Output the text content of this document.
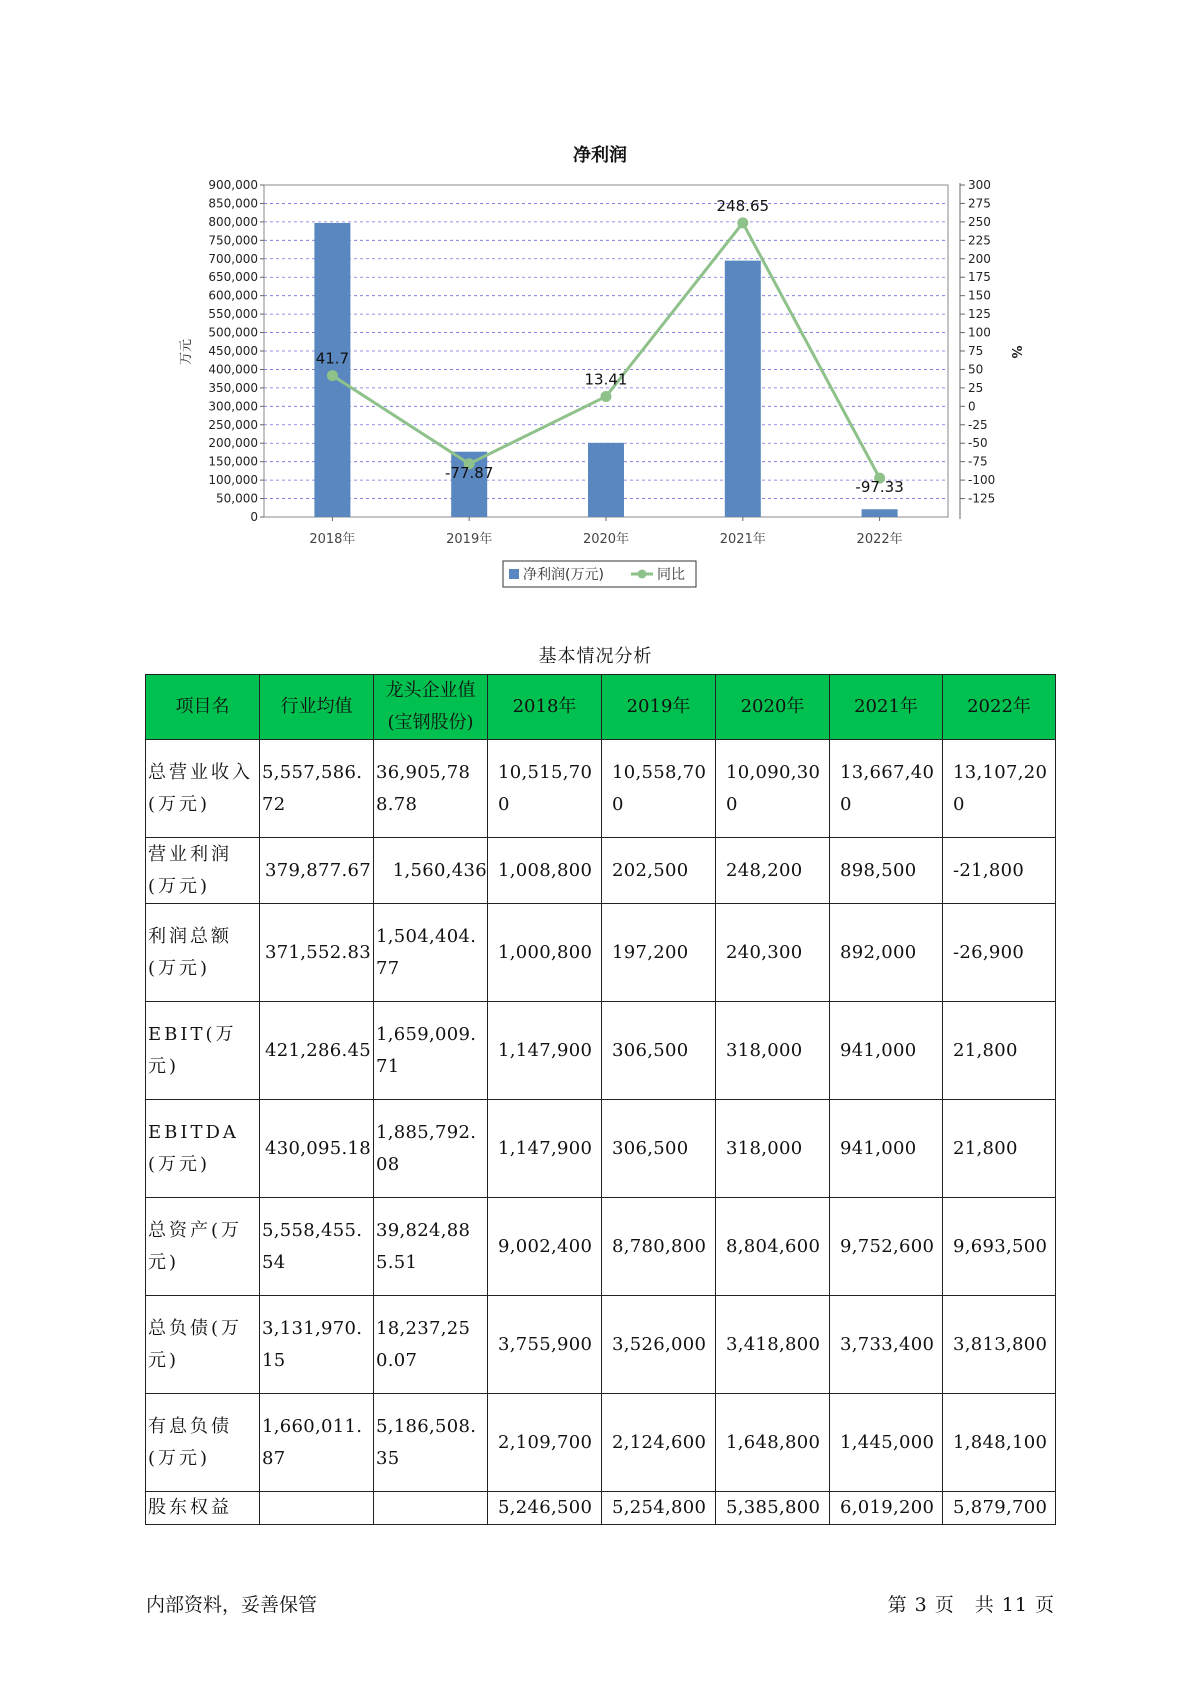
净利润
41.7
-77.87
13.41
248.65
-97.33
900,000
850,000
800,000
750,000
700,000
650,000
600,000
550,000
500,000
450,000
400,000
350,000
300,000
250,000
200,000
150,000
100,000
50,000
0
300
275
250
225
200
175
150
125
100
75
50
25
0
-25
-50
-75
-100
-125
万元	%
2018年	2019年	2020年	2021年	2022年
净利润(万元)	同比
基本情况分析
项目名	行业均值	龙头企业值(宝钢股份)	2018年	2019年	2020年	2021年	2022年
总营业收入(万元)	5,557,586.72	36,905,788.78	10,515,700	10,558,700	10,090,300	13,667,400	13,107,200
营业利润(万元)	379,877.67	1,560,436	1,008,800	202,500	248,200	898,500	-21,800
利润总额(万元)	371,552.83	1,504,404.77	1,000,800	197,200	240,300	892,000	-26,900
EBIT(万元)	421,286.45	1,659,009.71	1,147,900	306,500	318,000	941,000	21,800
EBITDA(万元)	430,095.18	1,885,792.08	1,147,900	306,500	318,000	941,000	21,800
总资产(万元)	5,558,455.54	39,824,885.51	9,002,400	8,780,800	8,804,600	9,752,600	9,693,500
总负债(万元)	3,131,970.15	18,237,250.07	3,755,900	3,526,000	3,418,800	3,733,400	3,813,800
有息负债(万元)	1,660,011.87	5,186,508.35	2,109,700	2,124,600	1,648,800	1,445,000	1,848,100
股东权益			5,246,500	5,254,800	5,385,800	6,019,200	5,879,700
内部资料，妥善保管	第 3 页　共 11 页
